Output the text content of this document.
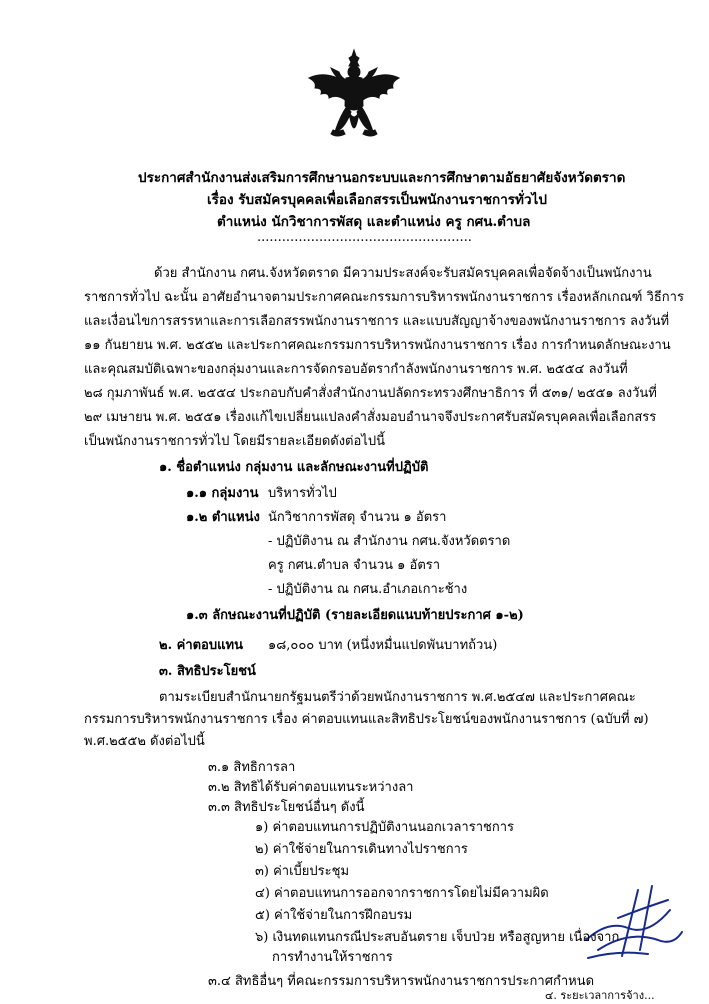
ประกาศสำนักงานส่งเสริมการศึกษานอกระบบและการศึกษาตามอัธยาศัยจังหวัดตราด
เรื่อง รับสมัครบุคคลเพื่อเลือกสรรเป็นพนักงานราชการทั่วไป
ตำแหน่ง นักวิชาการพัสดุ และตำแหน่ง ครู กศน.ตำบล
....................................................
ด้วย สำนักงาน กศน.จังหวัดตราด มีความประสงค์จะรับสมัครบุคคลเพื่อจัดจ้างเป็นพนักงาน
ราชการทั่วไป ฉะนั้น อาศัยอำนาจตามประกาศคณะกรรมการบริหารพนักงานราชการ เรื่องหลักเกณฑ์ วิธีการ
และเงื่อนไขการสรรหาและการเลือกสรรพนักงานราชการ และแบบสัญญาจ้างของพนักงานราชการ ลงวันที่
๑๑ กันยายน พ.ศ. ๒๕๕๒ และประกาศคณะกรรมการบริหารพนักงานราชการ เรื่อง การกำหนดลักษณะงาน
และคุณสมบัติเฉพาะของกลุ่มงานและการจัดกรอบอัตรากำลังพนักงานราชการ พ.ศ. ๒๕๕๔ ลงวันที่
๒๘ กุมภาพันธ์ พ.ศ. ๒๕๕๔ ประกอบกับคำสั่งสำนักงานปลัดกระทรวงศึกษาธิการ ที่ ๕๓๑/ ๒๕๕๑ ลงวันที่
๒๙ เมษายน พ.ศ. ๒๕๕๑ เรื่องแก้ไขเปลี่ยนแปลงคำสั่งมอบอำนาจจึงประกาศรับสมัครบุคคลเพื่อเลือกสรร
เป็นพนักงานราชการทั่วไป โดยมีรายละเอียดดังต่อไปนี้
๑. ชื่อตำแหน่ง กลุ่มงาน และลักษณะงานที่ปฏิบัติ
๑.๑ กลุ่มงาน บริหารทั่วไป
๑.๒ ตำแหน่ง นักวิชาการพัสดุ จำนวน ๑ อัตรา
- ปฏิบัติงาน ณ สำนักงาน กศน.จังหวัดตราด
ครู กศน.ตำบล จำนวน ๑ อัตรา
- ปฏิบัติงาน ณ กศน.อำเภอเกาะช้าง
๑.๓ ลักษณะงานที่ปฏิบัติ (รายละเอียดแนบท้ายประกาศ ๑-๒)
๒. ค่าตอบแทน ๑๘,๐๐๐ บาท (หนึ่งหมื่นแปดพันบาทถ้วน)
๓. สิทธิประโยชน์
ตามระเบียบสำนักนายกรัฐมนตรีว่าด้วยพนักงานราชการ พ.ศ.๒๕๔๗ และประกาศคณะ
กรรมการบริหารพนักงานราชการ เรื่อง ค่าตอบแทนและสิทธิประโยชน์ของพนักงานราชการ (ฉบับที่ ๗)
พ.ศ.๒๕๕๒ ดังต่อไปนี้
๓.๑ สิทธิการลา
๓.๒ สิทธิได้รับค่าตอบแทนระหว่างลา
๓.๓ สิทธิประโยชน์อื่นๆ ดังนี้
๑) ค่าตอบแทนการปฏิบัติงานนอกเวลาราชการ
๒) ค่าใช้จ่ายในการเดินทางไปราชการ
๓) ค่าเบี้ยประชุม
๔) ค่าตอบแทนการออกจากราชการโดยไม่มีความผิด
๕) ค่าใช้จ่ายในการฝึกอบรม
๖) เงินทดแทนกรณีประสบอันตราย เจ็บป่วย หรือสูญหาย เนื่องจาก
การทำงานให้ราชการ
๓.๔ สิทธิอื่นๆ ที่คณะกรรมการบริหารพนักงานราชการประกาศกำหนด
๔. ระยะเวลาการจ้าง...
